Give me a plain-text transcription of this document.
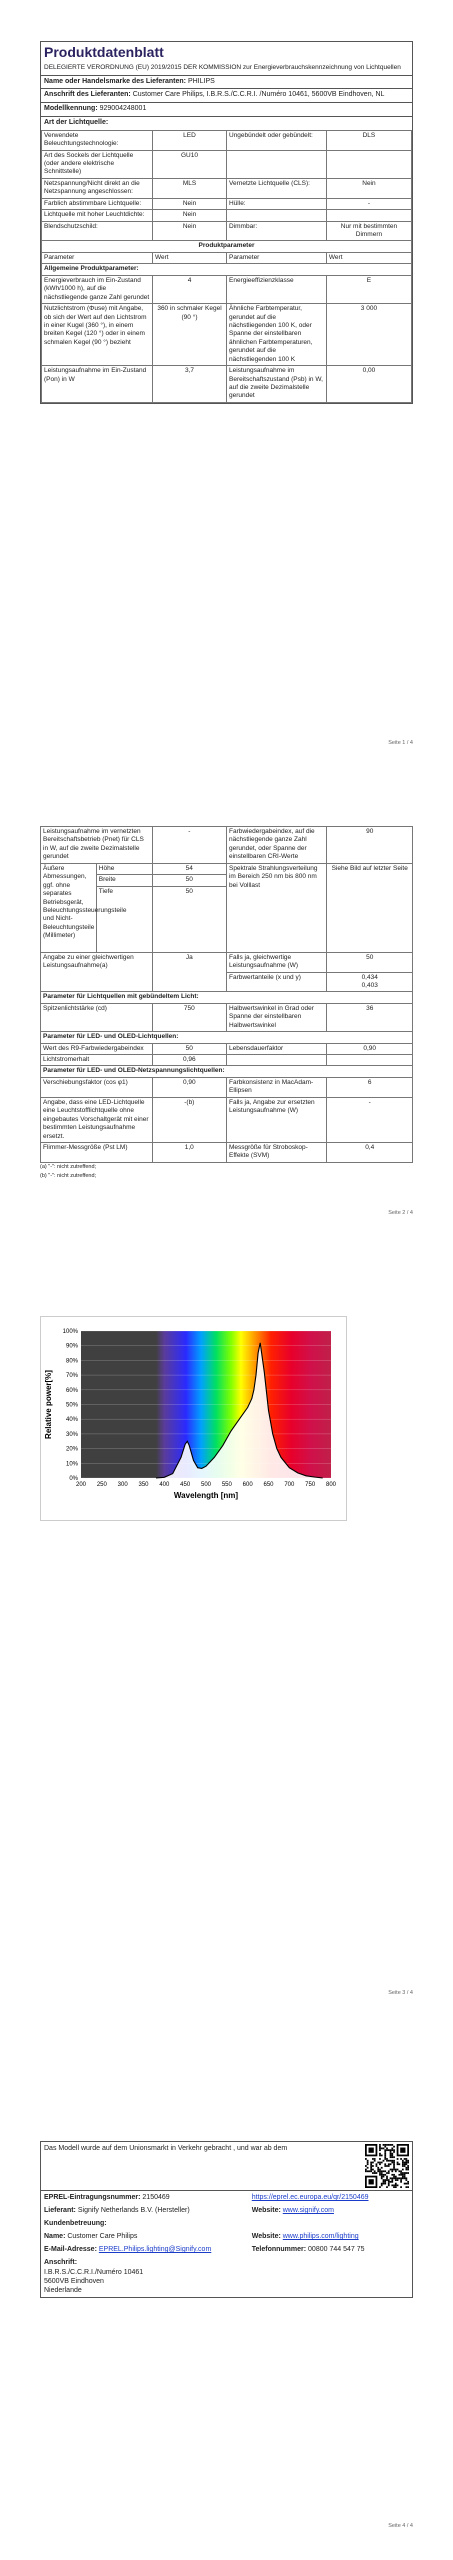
Produktdatenblatt
DELEGIERTE VERORDNUNG (EU) 2019/2015 DER KOMMISSION zur Energieverbrauchskennzeichnung von Lichtquellen
Name oder Handelsmarke des Lieferanten: PHILIPS
Anschrift des Lieferanten: Customer Care Philips, I.B.R.S./C.C.R.I. /Numéro 10461, 5600VB Eindhoven, NL
Modellkennung: 929004248001
Art der Lichtquelle:
Verwendete Beleuchtungstechnologie:	LED	Ungebündelt oder gebündelt:	DLS
Art des Sockels der Lichtquelle (oder andere elektrische Schnittstelle)	GU10		
Netzspannung/Nicht direkt an die Netzspannung angeschlossen:	MLS	Vernetzte Lichtquelle (CLS):	Nein
Farblich abstimmbare Lichtquelle:	Nein	Hülle:	-
Lichtquelle mit hoher Leuchtdichte:	Nein		
Blendschutzschild:	Nein	Dimmbar:	Nur mit bestimmten Dimmern
Produktparameter			
Parameter	Wert	Parameter	Wert
Allgemeine Produktparameter:			
Energieverbrauch im Ein-Zustand (kWh/1000 h), auf die nächstliegende ganze Zahl gerundet	4	Energieeffizienzklasse	E
Nutzlichtstrom (Φuse) mit Angabe, ob sich der Wert auf den Lichtstrom in einer Kugel (360 °), in einem breiten Kegel (120 °) oder in einem schmalen Kegel (90 °) bezieht	360 in schmaler Kegel (90 °)	Ähnliche Farbtemperatur, gerundet auf die nächstliegenden 100 K, oder Spanne der einstellbaren ähnlichen Farbtemperaturen, gerundet auf die nächstliegenden 100 K	3 000
Leistungsaufnahme im Ein-Zustand (Pon) in W	3,7	Leistungsaufnahme im Bereitschaftszustand (Psb) in W, auf die zweite Dezimalstelle gerundet	0,00
Seite 1 / 4
Leistungsaufnahme im vernetzten Bereitschaftsbetrieb (Pnet) für CLS in W, auf die zweite Dezimalstelle gerundet		-	Farbwiedergabeindex, auf die nächstliegende ganze Zahl gerundet, oder Spanne der einstellbaren CRI-Werte	90
Äußere Abmessungen, ggf. ohne separates Betriebsgerät, Beleuchtungssteuerungsteile und Nicht-Beleuchtungsteile (Millimeter)	Höhe	54	Spektrale Strahlungsverteilung im Bereich 250 nm bis 800 nm bei Volllast	Siehe Bild auf letzter Seite
	Breite	50		
	Tiefe	50		
Angabe zu einer gleichwertigen Leistungsaufnahme(a)		Ja	Falls ja, gleichwertige Leistungsaufnahme (W)	50
			Farbwertanteile (x und y)	0,434
0,403

Parameter für Lichtquellen mit gebündeltem Licht:				
Spitzenlichtstärke (cd)		750	Halbwertswinkel in Grad oder Spanne der einstellbaren Halbwertswinkel	36
Parameter für LED- und OLED-Lichtquellen:				
Wert des R9-Farbwiedergabeindex		50	Lebensdauerfaktor	0,90
Lichtstromerhalt		0,96		
Parameter für LED- und OLED-Netzspannungslichtquellen:				
Verschiebungsfaktor (cos φ1)		0,90	Farbkonsistenz in MacAdam-Ellipsen	6
Angabe, dass eine LED-Lichtquelle eine Leuchtstofflichtquelle ohne eingebautes Vorschaltgerät mit einer bestimmten Leistungsaufnahme ersetzt.		-(b)	Falls ja, Angabe zur ersetzten Leistungsaufnahme (W)	-
Flimmer-Messgröße (Pst LM)		1,0	Messgröße für Stroboskop-Effekte (SVM)	0,4
(a) "-": nicht zutreffend;
(b) "-": nicht zutreffend;
Seite 2 / 4
0%
10%
20%
30%
40%
50%
60%
70%
80%
90%
100%
200 250 300 350 400 450 500 550 600 650 700 750 800
Wavelength [nm]
Relative power[%]
Seite 3 / 4
Das Modell wurde auf dem Unionsmarkt in Verkehr gebracht , und war ab dem
EPREL-Eintragungsnummer: 2150469	https://eprel.ec.europa.eu/qr/2150469
Lieferant: Signify Netherlands B.V. (Hersteller)	Website: www.signify.com
Kundenbetreuung:	
Name: Customer Care Philips	Website: www.philips.com/lighting
E-Mail-Adresse: EPREL.Philips.lighting@Signify.com	Telefonnummer: 00800 744 547 75

Anschrift:
I.B.R.S./C.C.R.I./Numéro 10461
5600VB Eindhoven
Niederlande	
Seite 4 / 4
